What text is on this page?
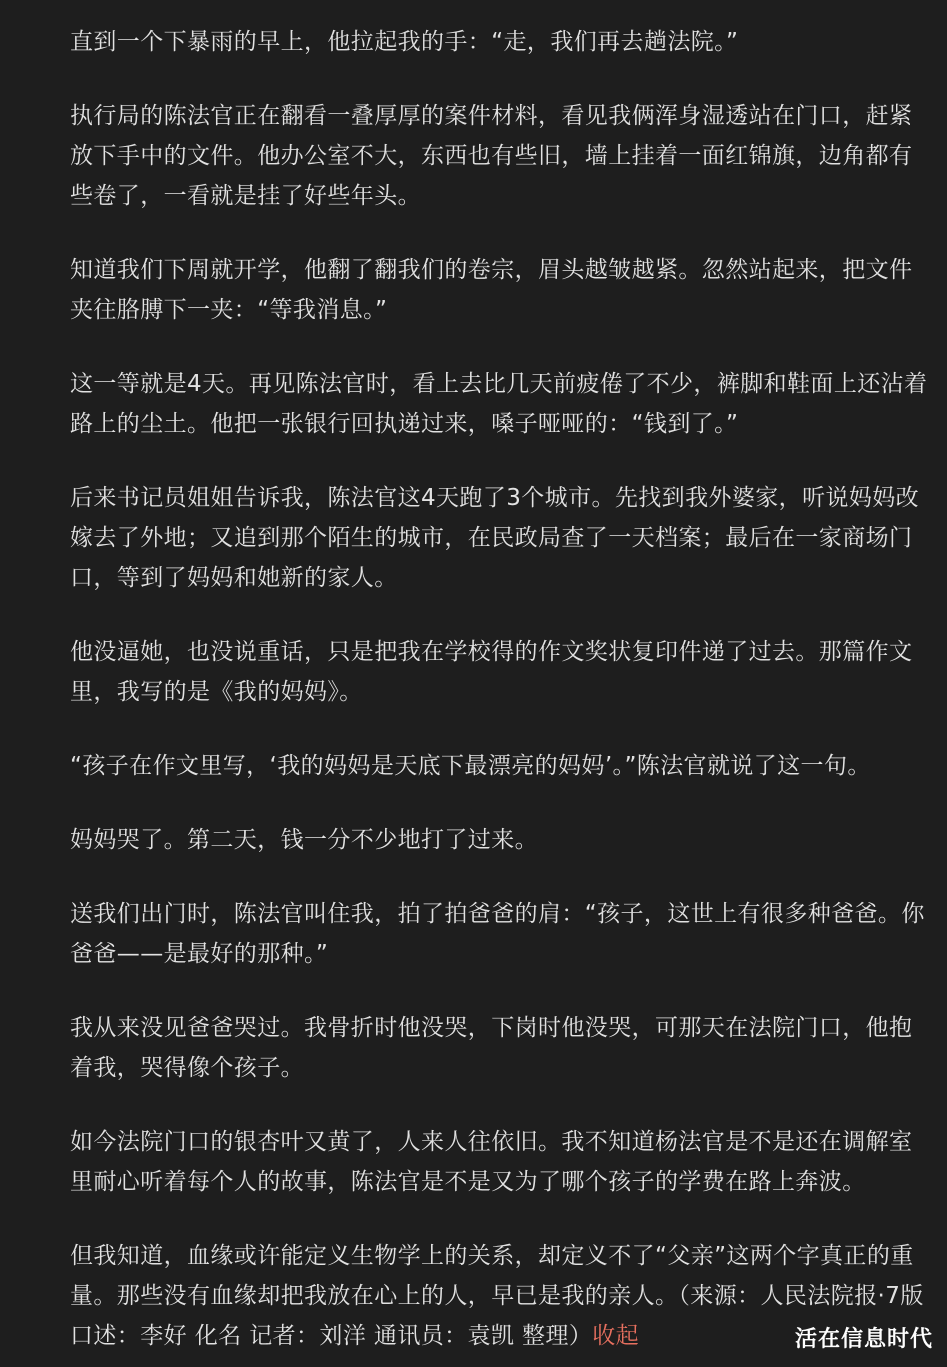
直到一个下暴雨的早上，他拉起我的手：“走，我们再去趟法院。”

执行局的陈法官正在翻看一叠厚厚的案件材料，看见我俩浑身湿透站在门口，赶紧放下手中的文件。他办公室不大，东西也有些旧，墙上挂着一面红锦旗，边角都有些卷了，一看就是挂了好些年头。

知道我们下周就开学，他翻了翻我们的卷宗，眉头越皱越紧。忽然站起来，把文件夹往胳膊下一夹：“等我消息。”

这一等就是4天。再见陈法官时，看上去比几天前疲倦了不少，裤脚和鞋面上还沾着路上的尘土。他把一张银行回执递过来，嗓子哑哑的：“钱到了。”

后来书记员姐姐告诉我，陈法官这4天跑了3个城市。先找到我外婆家，听说妈妈改嫁去了外地；又追到那个陌生的城市，在民政局查了一天档案；最后在一家商场门口，等到了妈妈和她新的家人。

他没逼她，也没说重话，只是把我在学校得的作文奖状复印件递了过去。那篇作文里，我写的是《我的妈妈》。

“孩子在作文里写，‘我的妈妈是天底下最漂亮的妈妈’。”陈法官就说了这一句。

妈妈哭了。第二天，钱一分不少地打了过来。

送我们出门时，陈法官叫住我，拍了拍爸爸的肩：“孩子，这世上有很多种爸爸。你爸爸——是最好的那种。”

我从来没见爸爸哭过。我骨折时他没哭，下岗时他没哭，可那天在法院门口，他抱着我，哭得像个孩子。

如今法院门口的银杏叶又黄了，人来人往依旧。我不知道杨法官是不是还在调解室里耐心听着每个人的故事，陈法官是不是又为了哪个孩子的学费在路上奔波。

但我知道，血缘或许能定义生物学上的关系，却定义不了“父亲”这两个字真正的重量。那些没有血缘却把我放在心上的人，早已是我的亲人。（来源：人民法院报·7版 口述：李好 化名 记者：刘洋 通讯员：袁凯 整理）收起	活在信息时代
